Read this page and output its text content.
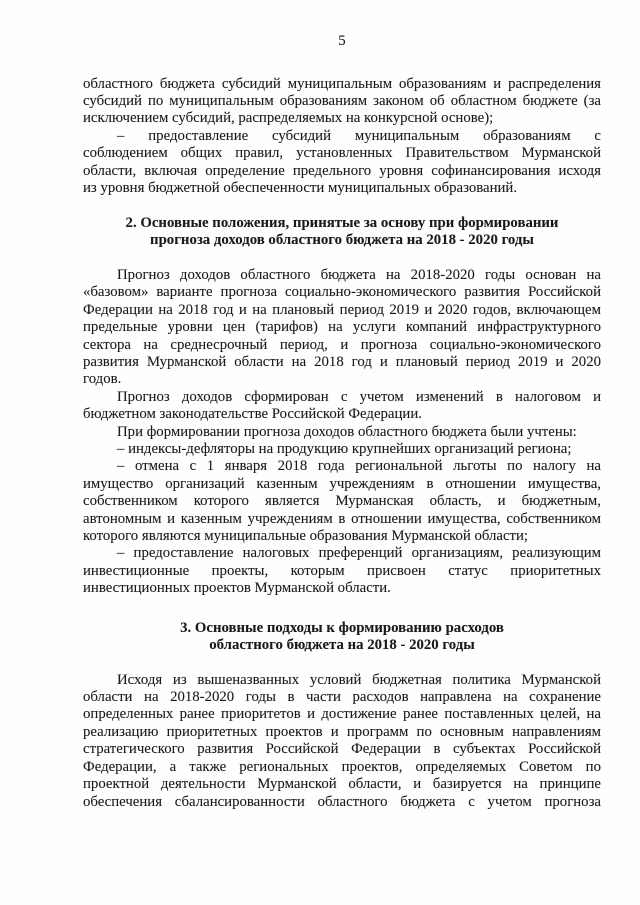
5
областного бюджета субсидий муниципальным образованиям и распределения
субсидий по муниципальным образованиям законом об областном бюджете (за
исключением субсидий, распределяемых на конкурсной основе);
– предоставление субсидий муниципальным образованиям с
соблюдением общих правил, установленных Правительством Мурманской
области, включая определение предельного уровня софинансирования исходя
из уровня бюджетной обеспеченности муниципальных образований.
2. Основные положения, принятые за основу при формировании
прогноза доходов областного бюджета на 2018 - 2020 годы
Прогноз доходов областного бюджета на 2018-2020 годы основан на
«базовом» варианте прогноза социально-экономического развития Российской
Федерации на 2018 год и на плановый период 2019 и 2020 годов, включающем
предельные уровни цен (тарифов) на услуги компаний инфраструктурного
сектора на среднесрочный период, и прогноза социально-экономического
развития Мурманской области на 2018 год и плановый период 2019 и 2020
годов.
Прогноз доходов сформирован с учетом изменений в налоговом и
бюджетном законодательстве Российской Федерации.
При формировании прогноза доходов областного бюджета были учтены:
– индексы-дефляторы на продукцию крупнейших организаций региона;
– отмена с 1 января 2018 года региональной льготы по налогу на
имущество организаций казенным учреждениям в отношении имущества,
собственником которого является Мурманская область, и бюджетным,
автономным и казенным учреждениям в отношении имущества, собственником
которого являются муниципальные образования Мурманской области;
– предоставление налоговых преференций организациям, реализующим
инвестиционные проекты, которым присвоен статус приоритетных
инвестиционных проектов Мурманской области.
3. Основные подходы к формированию расходов
областного бюджета на 2018 - 2020 годы
Исходя из вышеназванных условий бюджетная политика Мурманской
области на 2018-2020 годы в части расходов направлена на сохранение
определенных ранее приоритетов и достижение ранее поставленных целей, на
реализацию приоритетных проектов и программ по основным направлениям
стратегического развития Российской Федерации в субъектах Российской
Федерации, а также региональных проектов, определяемых Советом по
проектной деятельности Мурманской области, и базируется на принципе
обеспечения сбалансированности областного бюджета с учетом прогноза
